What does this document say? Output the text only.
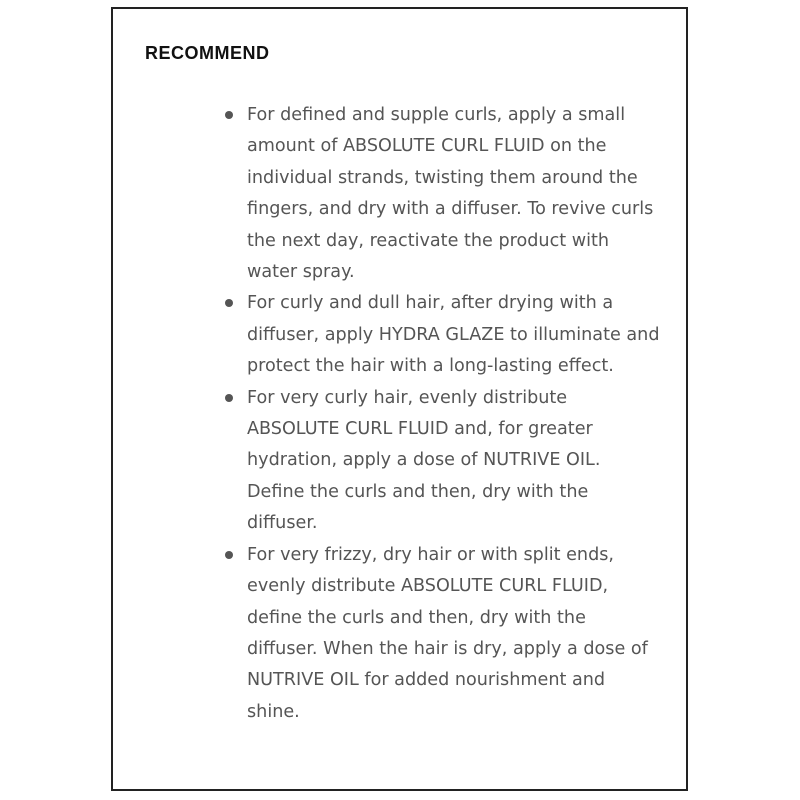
RECOMMEND
For defined and supple curls, apply a small amount of ABSOLUTE CURL FLUID on the individual strands, twisting them around the fingers, and dry with a diffuser. To revive curls the next day, reactivate the product with water spray.
For curly and dull hair, after drying with a diffuser, apply HYDRA GLAZE to illuminate and protect the hair with a long-lasting effect.
For very curly hair, evenly distribute ABSOLUTE CURL FLUID and, for greater hydration, apply a dose of NUTRIVE OIL. Define the curls and then, dry with the diffuser.
For very frizzy, dry hair or with split ends, evenly distribute ABSOLUTE CURL FLUID, define the curls and then, dry with the diffuser. When the hair is dry, apply a dose of NUTRIVE OIL for added nourishment and shine.
